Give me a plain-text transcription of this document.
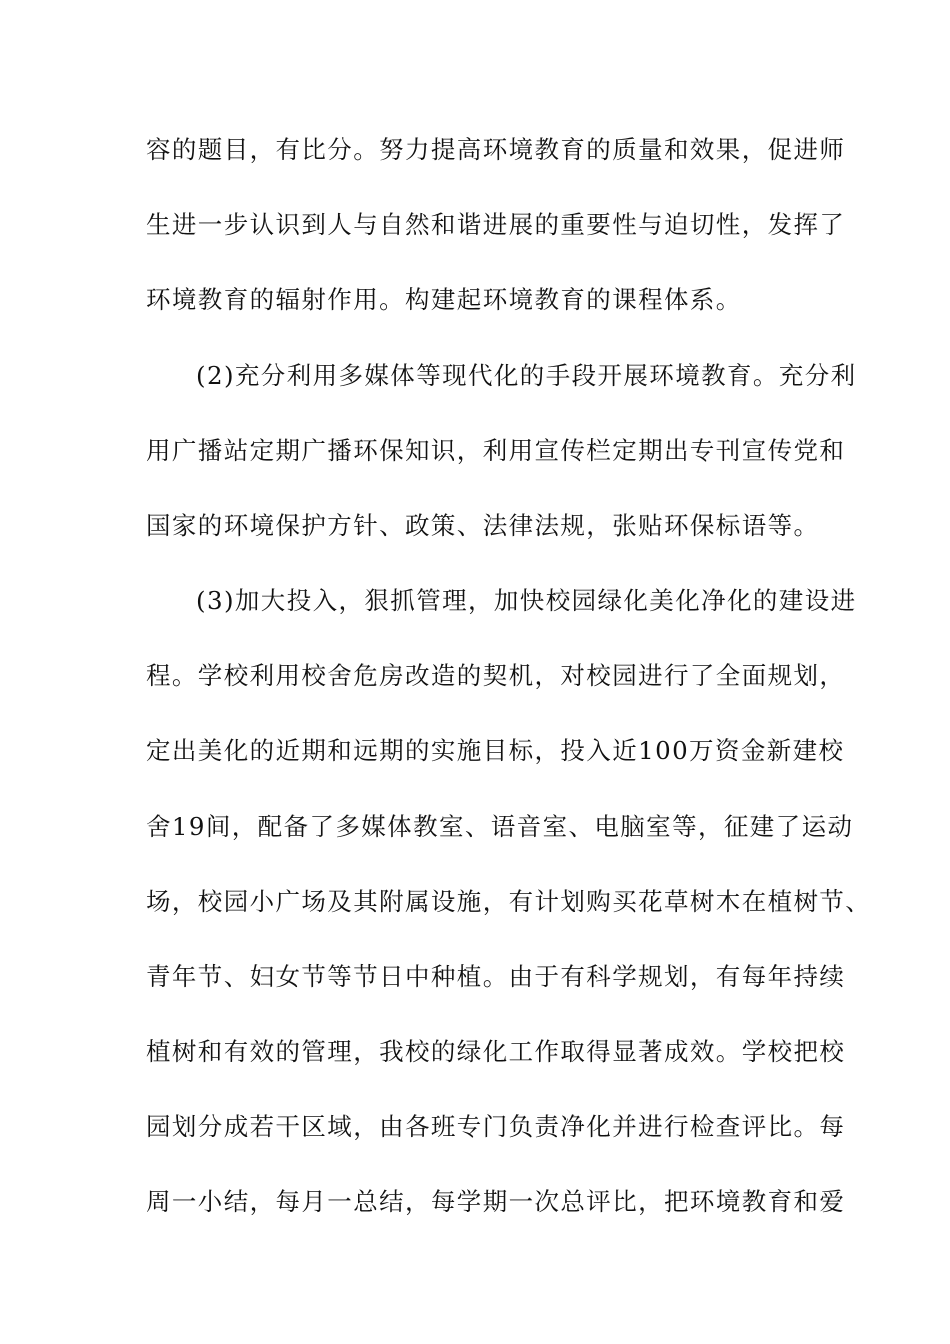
容的题目，有比分。努力提高环境教育的质量和效果，促进师
生进一步认识到人与自然和谐进展的重要性与迫切性，发挥了
环境教育的辐射作用。构建起环境教育的课程体系。
(2)充分利用多媒体等现代化的手段开展环境教育。充分利
用广播站定期广播环保知识，利用宣传栏定期出专刊宣传党和
国家的环境保护方针、政策、法律法规，张贴环保标语等。
(3)加大投入，狠抓管理，加快校园绿化美化净化的建设进
程。学校利用校舍危房改造的契机，对校园进行了全面规划，
定出美化的近期和远期的实施目标，投入近100万资金新建校
舍19间，配备了多媒体教室、语音室、电脑室等，征建了运动
场，校园小广场及其附属设施，有计划购买花草树木在植树节、
青年节、妇女节等节日中种植。由于有科学规划，有每年持续
植树和有效的管理，我校的绿化工作取得显著成效。学校把校
园划分成若干区域，由各班专门负责净化并进行检查评比。每
周一小结，每月一总结，每学期一次总评比，把环境教育和爱
